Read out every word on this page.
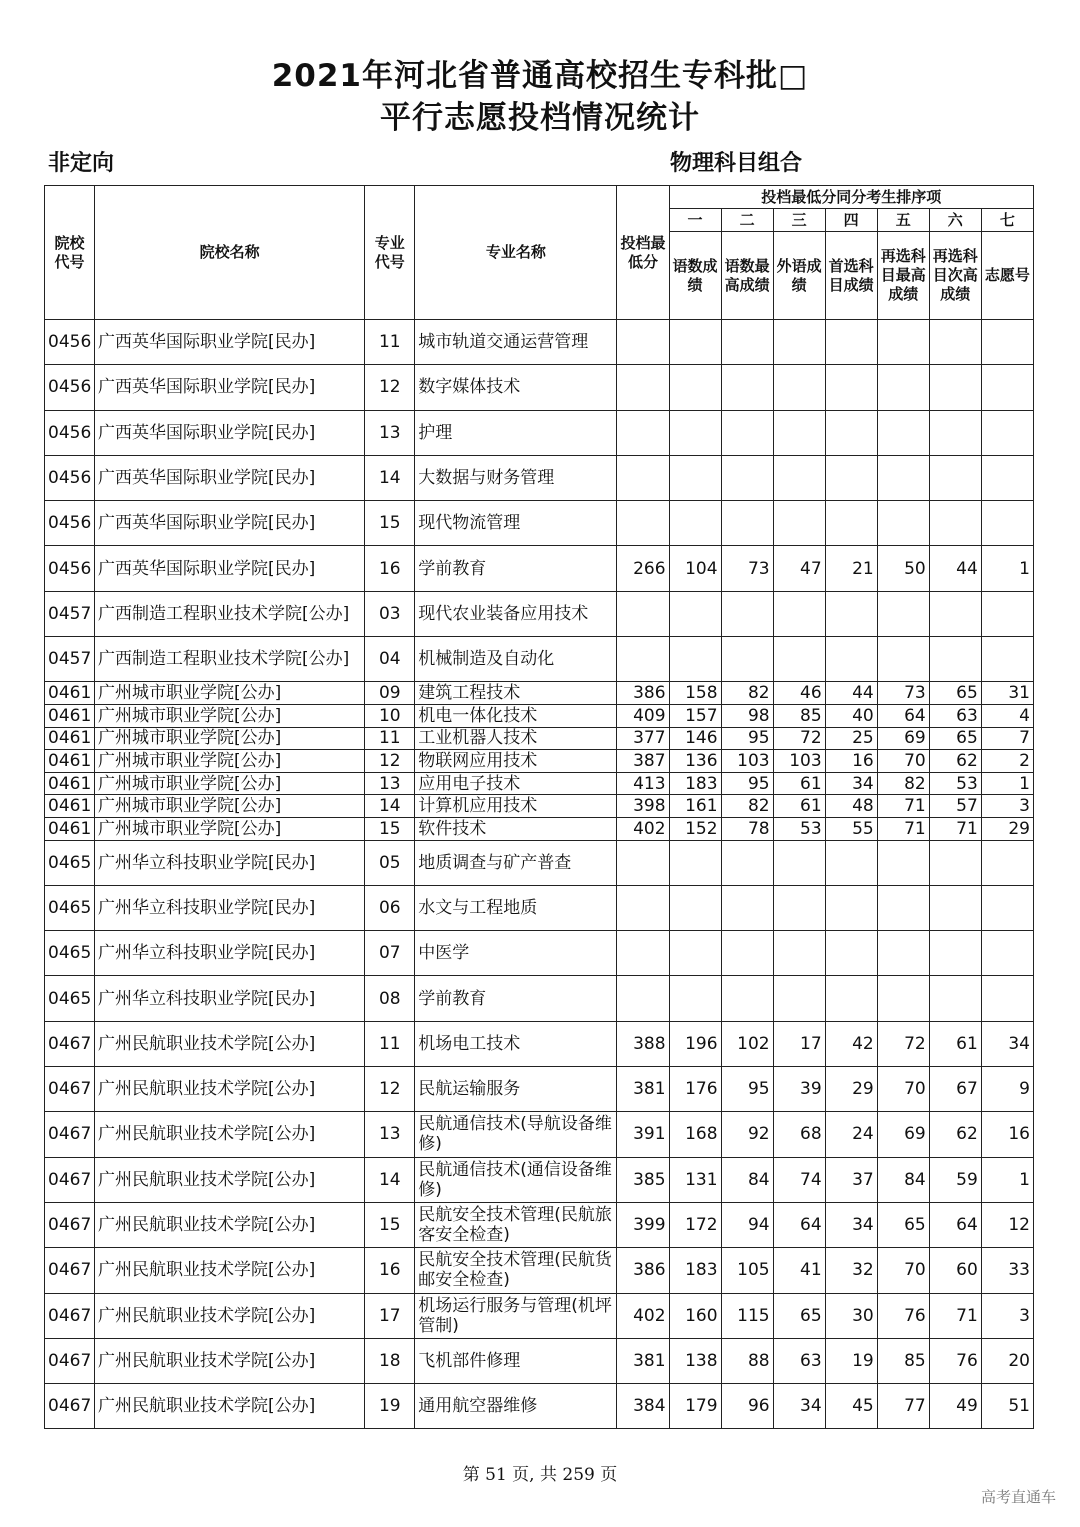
2021年河北省普通高校招生专科批□
平行志愿投档情况统计
非定向	物理科目组合
院校代号	院校名称	专业代号	专业名称	投档最低分	投档最低分同分考生排序项						
					一	二	三	四	五	六	七
					语数成绩	语数最高成绩	外语成绩	首选科目成绩	再选科目最高成绩	再选科目次高成绩	志愿号
0456	广西英华国际职业学院[民办]	11	城市轨道交通运营管理								
0456	广西英华国际职业学院[民办]	12	数字媒体技术								
0456	广西英华国际职业学院[民办]	13	护理								
0456	广西英华国际职业学院[民办]	14	大数据与财务管理								
0456	广西英华国际职业学院[民办]	15	现代物流管理								
0456	广西英华国际职业学院[民办]	16	学前教育	266	104	73	47	21	50	44	1
0457	广西制造工程职业技术学院[公办]	03	现代农业装备应用技术								
0457	广西制造工程职业技术学院[公办]	04	机械制造及自动化								
0461	广州城市职业学院[公办]	09	建筑工程技术	386	158	82	46	44	73	65	31
0461	广州城市职业学院[公办]	10	机电一体化技术	409	157	98	85	40	64	63	4
0461	广州城市职业学院[公办]	11	工业机器人技术	377	146	95	72	25	69	65	7
0461	广州城市职业学院[公办]	12	物联网应用技术	387	136	103	103	16	70	62	2
0461	广州城市职业学院[公办]	13	应用电子技术	413	183	95	61	34	82	53	1
0461	广州城市职业学院[公办]	14	计算机应用技术	398	161	82	61	48	71	57	3
0461	广州城市职业学院[公办]	15	软件技术	402	152	78	53	55	71	71	29
0465	广州华立科技职业学院[民办]	05	地质调查与矿产普查								
0465	广州华立科技职业学院[民办]	06	水文与工程地质								
0465	广州华立科技职业学院[民办]	07	中医学								
0465	广州华立科技职业学院[民办]	08	学前教育								
0467	广州民航职业技术学院[公办]	11	机场电工技术	388	196	102	17	42	72	61	34
0467	广州民航职业技术学院[公办]	12	民航运输服务	381	176	95	39	29	70	67	9
0467	广州民航职业技术学院[公办]	13	民航通信技术(导航设备维修)	391	168	92	68	24	69	62	16
0467	广州民航职业技术学院[公办]	14	民航通信技术(通信设备维修)	385	131	84	74	37	84	59	1
0467	广州民航职业技术学院[公办]	15	民航安全技术管理(民航旅客安全检查)	399	172	94	64	34	65	64	12
0467	广州民航职业技术学院[公办]	16	民航安全技术管理(民航货邮安全检查)	386	183	105	41	32	70	60	33
0467	广州民航职业技术学院[公办]	17	机场运行服务与管理(机坪管制)	402	160	115	65	30	76	71	3
0467	广州民航职业技术学院[公办]	18	飞机部件修理	381	138	88	63	19	85	76	20
0467	广州民航职业技术学院[公办]	19	通用航空器维修	384	179	96	34	45	77	49	51
第 51 页, 共 259 页
高考直通车
